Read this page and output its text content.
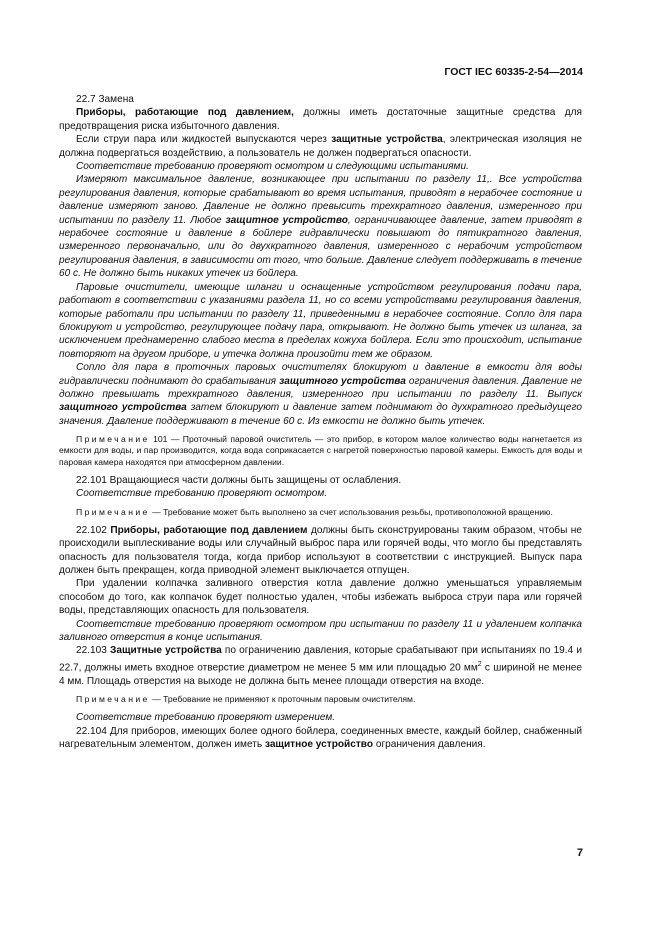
ГОСТ IEC 60335-2-54—2014

22.7 Замена

Приборы, работающие под давлением, должны иметь достаточные защитные средства для предотвращения риска избыточного давления.

Если струи пара или жидкостей выпускаются через защитные устройства, электрическая изоляция не должна подвергаться воздействию, а пользователь не должен подвергаться опасности.

Соответствие требованию проверяют осмотром и следующими испытаниями.

Измеряют максимальное давление, возникающее при испытании по разделу 11,. Все устройства регулирования давления, которые срабатывают во время испытания, приводят в нерабочее состояние и давление измеряют заново. Давление не должно превысить трехкратного давления, измеренного при испытании по разделу 11. Любое защитное устройство, ограничивающее давление, затем приводят в нерабочее состояние и давление в бойлере гидравлически повышают до пятикратного давления, измеренного первоначально, или до двухкратного давления, измеренного с нерабочим устройством регулирования давления, в зависимости от того, что больше. Давление следует поддерживать в течение 60 с. Не должно быть никаких утечек из бойлера.

Паровые очистители, имеющие шланги и оснащенные устройством регулирования подачи пара, работают в соответствии с указаниями раздела 11, но со всеми устройствами регулирования давления, которые работали при испытании по разделу 11, приведенными в нерабочее состояние. Сопло для пара блокируют и устройство, регулирующее подачу пара, открывают. Не должно быть утечек из шланга, за исключением преднамеренно слабого места в пределах кожуха бойлера. Если это происходит, испытание повторяют на другом приборе, и утечка должна произойти тем же образом.

Сопло для пара в проточных паровых очистителях блокируют и давление в емкости для воды гидравлически поднимают до срабатывания защитного устройства ограничения давления. Давление не должно превышать трехкратного давления, измеренного при испытании по разделу 11. Выпуск защитного устройства затем блокируют и давление затем поднимают до духкратного предыдущего значения. Давление поддерживают в течение 60 с. Из емкости не должно быть утечек.

Примечание 101 — Проточный паровой очиститель — это прибор, в котором малое количество воды нагнетается из емкости для воды, и пар производится, когда вода соприкасается с нагретой поверхностью паровой камеры. Емкость для воды и паровая камера находятся при атмосферном давлении.

22.101 Вращающиеся части должны быть защищены от ослабления.

Соответствие требованию проверяют осмотром.

Примечание — Требование может быть выполнено за счет использования резьбы, противоположной вращению.

22.102 Приборы, работающие под давлением должны быть сконструированы таким образом, чтобы не происходили выплескивание воды или случайный выброс пара или горячей воды, что могло бы представлять опасность для пользователя тогда, когда прибор используют в соответствии с инструкцией. Выпуск пара должен быть прекращен, когда приводной элемент выключается отпущен.

При удалении колпачка заливного отверстия котла давление должно уменьшаться управляемым способом до того, как колпачок будет полностью удален, чтобы избежать выброса струи пара или горячей воды, представляющих опасность для пользователя.

Соответствие требованию проверяют осмотром при испытании по разделу 11 и удалением колпачка заливного отверстия в конце испытания.

22.103 Защитные устройства по ограничению давления, которые срабатывают при испытаниях по 19.4 и 22.7, должны иметь входное отверстие диаметром не менее 5 мм или площадью 20 $мм^2$ с шириной не менее 4 мм. Площадь отверстия на выходе не должна быть менее площади отверстия на входе.

Примечание — Требование не применяют к проточным паровым очистителям.

Соответствие требованию проверяют измерением.

22.104 Для приборов, имеющих более одного бойлера, соединенных вместе, каждый бойлер, снабженный нагревательным элементом, должен иметь защитное устройство ограничения давления.

7
